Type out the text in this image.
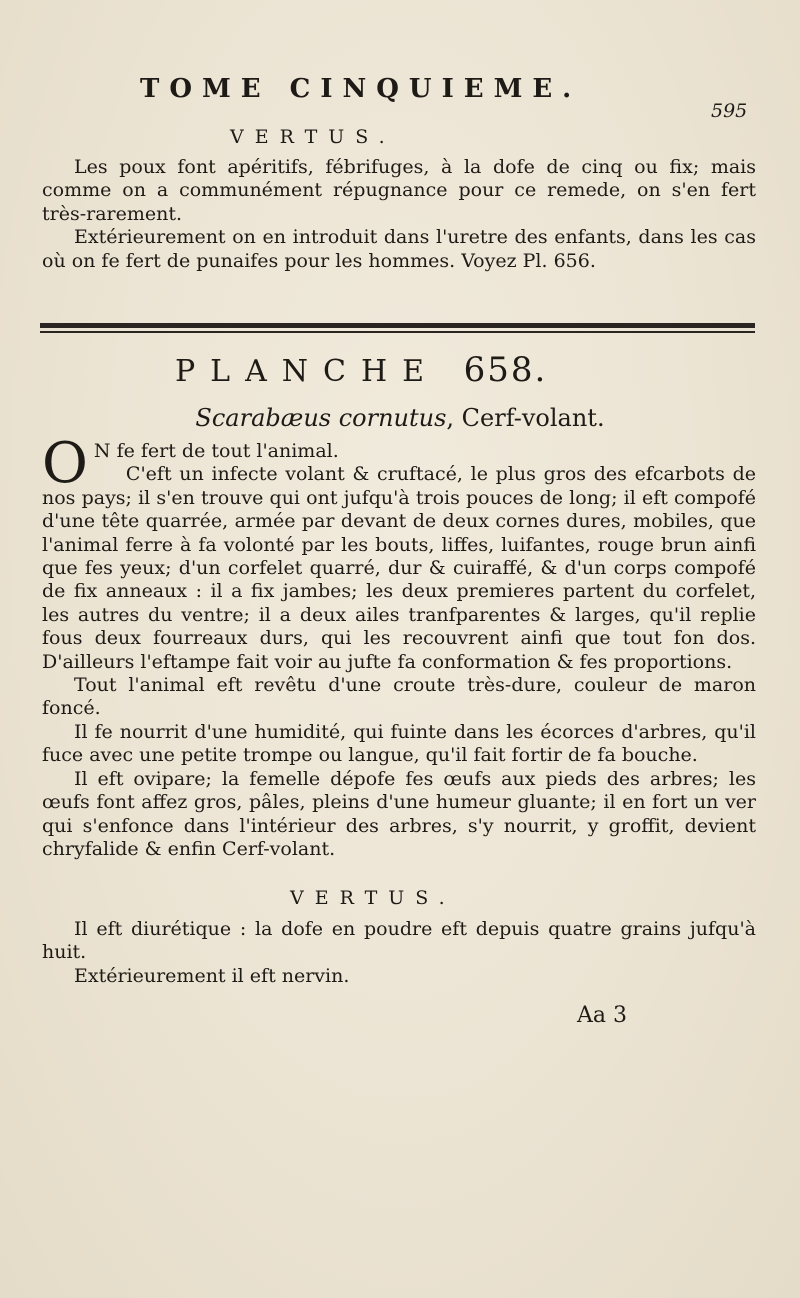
TOME CINQUIEME.
595
VERTUS.

Les poux font apéritifs, fébrifuges, à la dofe de cinq ou fix; mais comme on a communément répugnance pour ce remede, on s'en fert très-rarement.

Extérieurement on en introduit dans l'uretre des enfants, dans les cas où on fe fert de punaifes pour les hommes. Voyez Pl. 656.

PLANCHE 658.
Scarabæus cornutus, Cerf-volant.

O N fe fert de tout l'animal.

C'eft un infecte volant & cruftacé, le plus gros des efcarbots de nos pays; il s'en trouve qui ont jufqu'à trois pouces de long; il eft compofé d'une tête quarrée, armée par devant de deux cornes dures, mobiles, que l'animal ferre à fa volonté par les bouts, liffes, luifantes, rouge brun ainfi que fes yeux; d'un corfelet quarré, dur & cuiraffé, & d'un corps compofé de fix anneaux : il a fix jambes; les deux premieres partent du corfelet, les autres du ventre; il a deux ailes tranfparentes & larges, qu'il replie fous deux fourreaux durs, qui les recouvrent ainfi que tout fon dos. D'ailleurs l'eftampe fait voir au jufte fa conformation & fes proportions.

Tout l'animal eft revêtu d'une croute très-dure, couleur de maron foncé.

Il fe nourrit d'une humidité, qui fuinte dans les écorces d'arbres, qu'il fuce avec une petite trompe ou langue, qu'il fait fortir de fa bouche.

Il eft ovipare; la femelle dépofe fes œufs aux pieds des arbres; les œufs font affez gros, pâles, pleins d'une humeur gluante; il en fort un ver qui s'enfonce dans l'intérieur des arbres, s'y nourrit, y groffit, devient chryfalide & enfin Cerf-volant.

VERTUS.

Il eft diurétique : la dofe en poudre eft depuis quatre grains jufqu'à huit.

Extérieurement il eft nervin.

Aa 3
